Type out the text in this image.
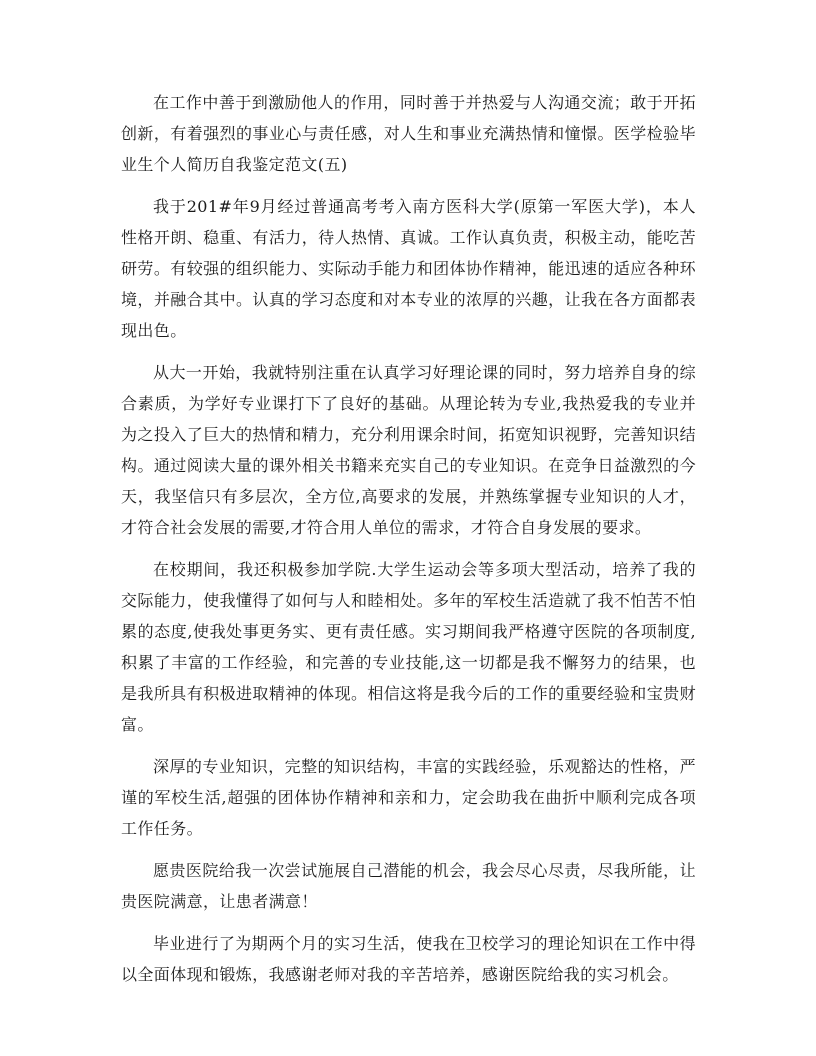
在工作中善于到激励他人的作用，同时善于并热爱与人沟通交流；敢于开拓创新，有着强烈的事业心与责任感，对人生和事业充满热情和憧憬。医学检验毕业生个人简历自我鉴定范文(五)

我于201#年9月经过普通高考考入南方医科大学(原第一军医大学)，本人性格开朗、稳重、有活力，待人热情、真诚。工作认真负责，积极主动，能吃苦研劳。有较强的组织能力、实际动手能力和团体协作精神，能迅速的适应各种环境，并融合其中。认真的学习态度和对本专业的浓厚的兴趣，让我在各方面都表现出色。

从大一开始，我就特别注重在认真学习好理论课的同时，努力培养自身的综合素质，为学好专业课打下了良好的基础。从理论转为专业,我热爱我的专业并为之投入了巨大的热情和精力，充分利用课余时间，拓宽知识视野，完善知识结构。通过阅读大量的课外相关书籍来充实自己的专业知识。在竞争日益激烈的今天，我坚信只有多层次，全方位,高要求的发展，并熟练掌握专业知识的人才，才符合社会发展的需要,才符合用人单位的需求，才符合自身发展的要求。

在校期间，我还积极参加学院.大学生运动会等多项大型活动，培养了我的交际能力，使我懂得了如何与人和睦相处。多年的军校生活造就了我不怕苦不怕累的态度,使我处事更务实、更有责任感。实习期间我严格遵守医院的各项制度,积累了丰富的工作经验，和完善的专业技能,这一切都是我不懈努力的结果，也是我所具有积极进取精神的体现。相信这将是我今后的工作的重要经验和宝贵财富。

深厚的专业知识，完整的知识结构，丰富的实践经验，乐观豁达的性格，严谨的军校生活,超强的团体协作精神和亲和力，定会助我在曲折中顺利完成各项工作任务。

愿贵医院给我一次尝试施展自己潜能的机会，我会尽心尽责，尽我所能，让贵医院满意，让患者满意！

毕业进行了为期两个月的实习生活，使我在卫校学习的理论知识在工作中得以全面体现和锻炼，我感谢老师对我的辛苦培养，感谢医院给我的实习机会。
